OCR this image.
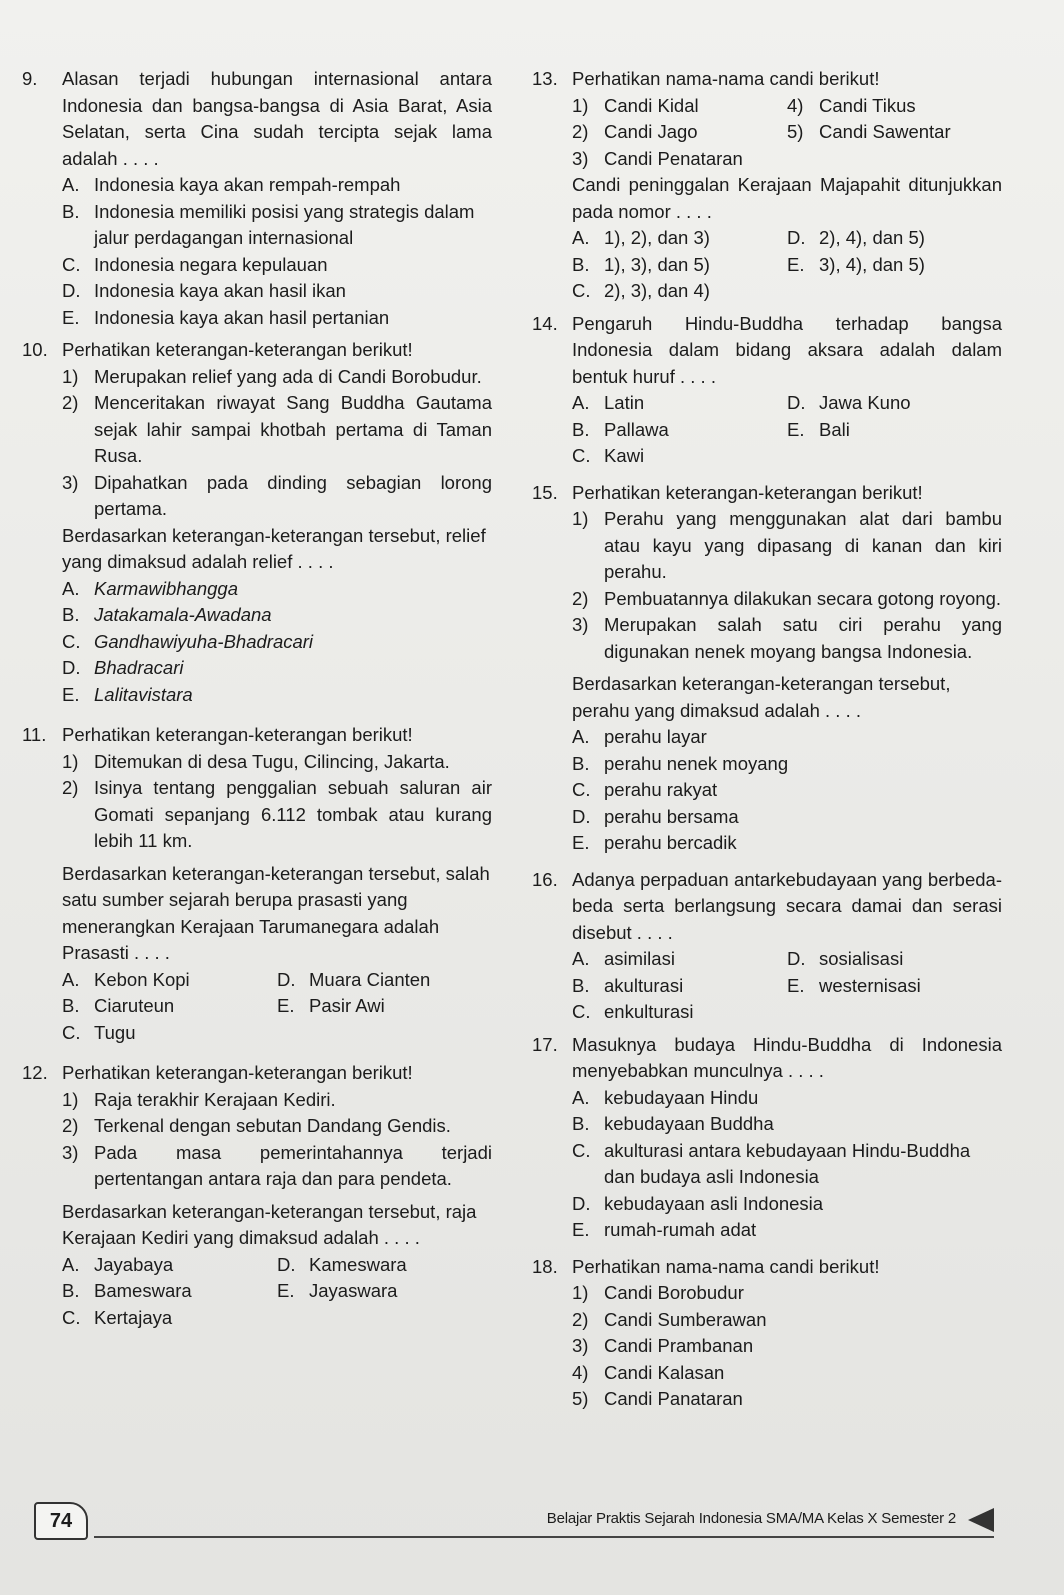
9.	Alasan terjadi hubungan internasional antara Indonesia dan bangsa-bangsa di Asia Barat, Asia Selatan, serta Cina sudah tercipta sejak lama adalah . . . .
A. Indonesia kaya akan rempah-rempah
B. Indonesia memiliki posisi yang strategis dalam jalur perdagangan internasional
C. Indonesia negara kepulauan
D. Indonesia kaya akan hasil ikan
E. Indonesia kaya akan hasil pertanian
10. Perhatikan keterangan-keterangan berikut!
1) Merupakan relief yang ada di Candi Borobudur.
2) Menceritakan riwayat Sang Buddha Gautama sejak lahir sampai khotbah pertama di Taman Rusa.
3) Dipahatkan pada dinding sebagian lorong pertama.

Berdasarkan keterangan-keterangan tersebut, relief yang dimaksud adalah relief . . . .

A. Karmawibhangga
B. Jatakamala-Awadana
C. Gandhawiyuha-Bhadracari
D. Bhadracari
E. Lalitavistara
11. Perhatikan keterangan-keterangan berikut!
1) Ditemukan di desa Tugu, Cilincing, Jakarta.
2) Isinya tentang penggalian sebuah saluran air Gomati sepanjang 6.112 tombak atau kurang lebih 11 km.

Berdasarkan keterangan-keterangan tersebut, salah satu sumber sejarah berupa prasasti yang menerangkan Kerajaan Tarumanegara adalah Prasasti . . . .

A. Kebon Kopi	D. Muara Cianten
B. Ciaruteun	E. Pasir Awi
C. Tugu
12. Perhatikan keterangan-keterangan berikut!
1) Raja terakhir Kerajaan Kediri.
2) Terkenal dengan sebutan Dandang Gendis.
3) Pada masa pemerintahannya terjadi pertentangan antara raja dan para pendeta.

Berdasarkan keterangan-keterangan tersebut, raja Kerajaan Kediri yang dimaksud adalah . . . .

A. Jayabaya	D. Kameswara
B. Bameswara	E. Jayaswara
C. Kertajaya
13. Perhatikan nama-nama candi berikut!
1) Candi Kidal	4) Candi Tikus
2) Candi Jago	5) Candi Sawentar
3) Candi Penataran

Candi peninggalan Kerajaan Majapahit ditunjukkan pada nomor . . . .

A. 1), 2), dan 3)	D. 2), 4), dan 5)
B. 1), 3), dan 5)	E. 3), 4), dan 5)
C. 2), 3), dan 4)
14. Pengaruh Hindu-Buddha terhadap bangsa Indonesia dalam bidang aksara adalah dalam bentuk huruf . . . .
A. Latin	D. Jawa Kuno
B. Pallawa	E. Bali
C. Kawi
15. Perhatikan keterangan-keterangan berikut!
1) Perahu yang menggunakan alat dari bambu atau kayu yang dipasang di kanan dan kiri perahu.
2) Pembuatannya dilakukan secara gotong royong.
3) Merupakan salah satu ciri perahu yang digunakan nenek moyang bangsa Indonesia.

Berdasarkan keterangan-keterangan tersebut, perahu yang dimaksud adalah . . . .

A. perahu layar
B. perahu nenek moyang
C. perahu rakyat
D. perahu bersama
E. perahu bercadik
16. Adanya perpaduan antarkebudayaan yang berbeda-beda serta berlangsung secara damai dan serasi disebut . . . .
A. asimilasi	D. sosialisasi
B. akulturasi	E. westernisasi
C. enkulturasi
17. Masuknya budaya Hindu-Buddha di Indonesia menyebabkan munculnya . . . .
A. kebudayaan Hindu
B. kebudayaan Buddha
C. akulturasi antara kebudayaan Hindu-Buddha dan budaya asli Indonesia
D. kebudayaan asli Indonesia
E. rumah-rumah adat
18. Perhatikan nama-nama candi berikut!
1) Candi Borobudur
2) Candi Sumberawan
3) Candi Prambanan
4) Candi Kalasan
5) Candi Panataran
74	Belajar Praktis Sejarah Indonesia SMA/MA Kelas X Semester 2
